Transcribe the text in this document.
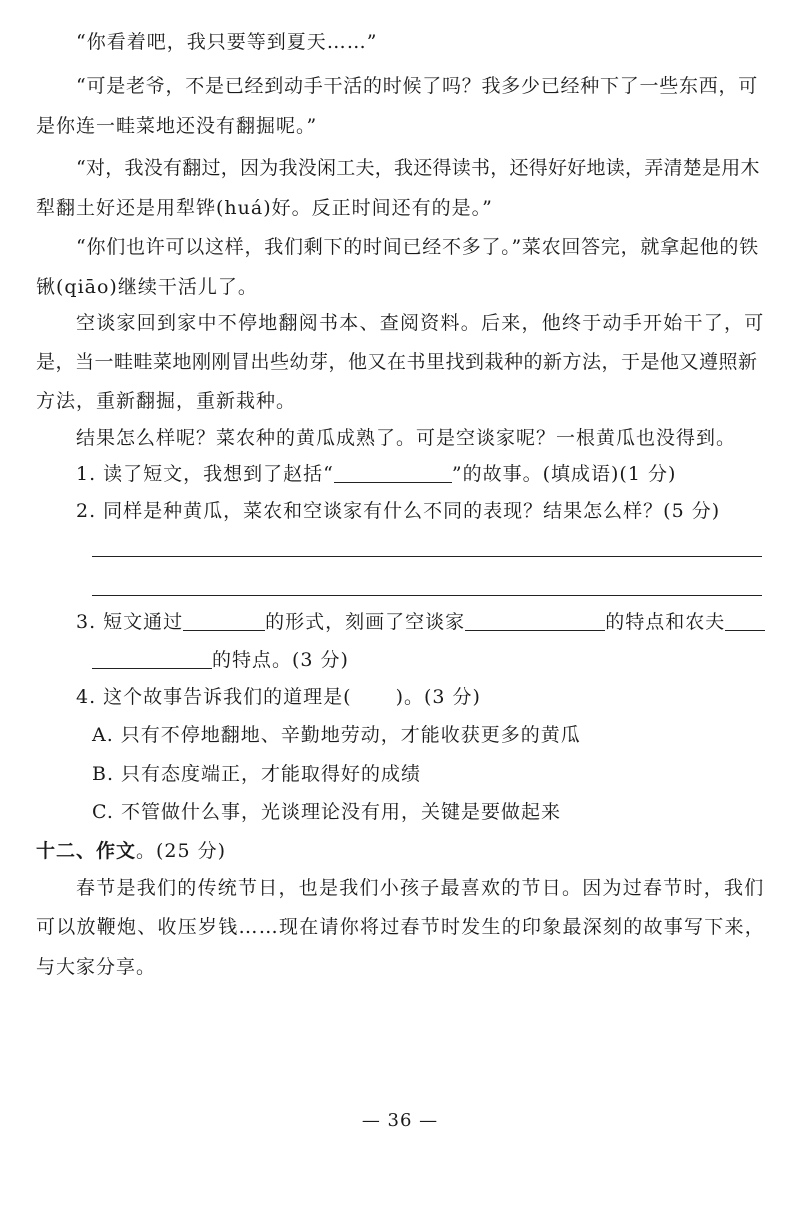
“你看着吧，我只要等到夏天……”
“可是老爷，不是已经到动手干活的时候了吗？我多少已经种下了一些东西，可
是你连一畦菜地还没有翻掘呢。”
“对，我没有翻过，因为我没闲工夫，我还得读书，还得好好地读，弄清楚是用木
犁翻土好还是用犁铧(huá)好。反正时间还有的是。”
“你们也许可以这样，我们剩下的时间已经不多了。”菜农回答完，就拿起他的铁
锹(qiāo)继续干活儿了。
空谈家回到家中不停地翻阅书本、查阅资料。后来，他终于动手开始干了，可
是，当一畦畦菜地刚刚冒出些幼芽，他又在书里找到栽种的新方法，于是他又遵照新
方法，重新翻掘，重新栽种。
结果怎么样呢？菜农种的黄瓜成熟了。可是空谈家呢？一根黄瓜也没得到。
1. 读了短文，我想到了赵括“	”的故事。(填成语)(1 分)
2. 同样是种黄瓜，菜农和空谈家有什么不同的表现？结果怎么样？(5 分)
3. 短文通过	的形式，刻画了空谈家	的特点和农夫
的特点。(3 分)
4. 这个故事告诉我们的道理是( )。(3 分)
A. 只有不停地翻地、辛勤地劳动，才能收获更多的黄瓜
B. 只有态度端正，才能取得好的成绩
C. 不管做什么事，光谈理论没有用，关键是要做起来
十二、作文。(25 分)
春节是我们的传统节日，也是我们小孩子最喜欢的节日。因为过春节时，我们
可以放鞭炮、收压岁钱……现在请你将过春节时发生的印象最深刻的故事写下来，
与大家分享。
— 36 —
